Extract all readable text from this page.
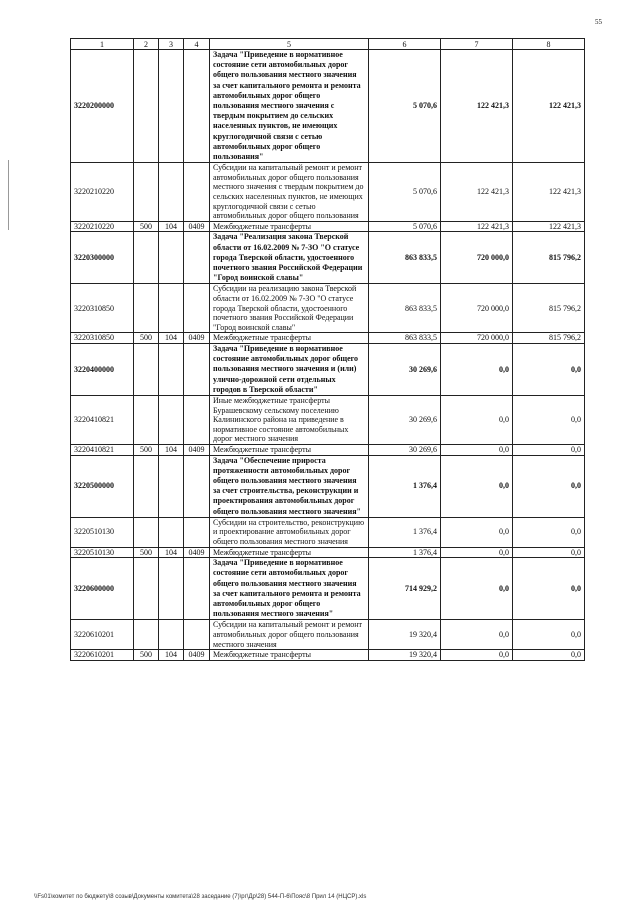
55
1	2	3	4	5	6	7	8
3220200000				Задача "Приведение в нормативное состояние сети автомобильных дорог общего пользования местного значения за счет капитального ремонта и ремонта автомобильных дорог общего пользования местного значения с твердым покрытием до сельских населенных пунктов, не имеющих круглогодичной связи с сетью автомобильных дорог общего пользования"	5 070,6	122 421,3	122 421,3
3220210220				Субсидии на капитальный ремонт и ремонт автомобильных дорог общего пользования местного значения с твердым покрытием до сельских населенных пунктов, не имеющих круглогодичной связи с сетью автомобильных дорог общего пользования	5 070,6	122 421,3	122 421,3
3220210220	500	104	0409	Межбюджетные трансферты	5 070,6	122 421,3	122 421,3
3220300000				Задача "Реализация закона Тверской области от 16.02.2009 № 7-ЗО "О статусе города Тверской области, удостоенного почетного звания Российской Федерации "Город воинской славы"	863 833,5	720 000,0	815 796,2
3220310850				Субсидии на реализацию закона Тверской области от 16.02.2009 № 7-ЗО "О статусе города Тверской области, удостоенного почетного звания Российской Федерации "Город воинской славы"	863 833,5	720 000,0	815 796,2
3220310850	500	104	0409	Межбюджетные трансферты	863 833,5	720 000,0	815 796,2
3220400000				Задача "Приведение в нормативное состояние автомобильных дорог общего пользования местного значения и (или) улично-дорожной сети отдельных городов в Тверской области"	30 269,6	0,0	0,0
3220410821				Иные межбюджетные трансферты Бурашевскому сельскому поселению Калининского района на приведение в нормативное состояние автомобильных дорог местного значения	30 269,6	0,0	0,0
3220410821	500	104	0409	Межбюджетные трансферты	30 269,6	0,0	0,0
3220500000				Задача "Обеспечение прироста протяженности автомобильных дорог общего пользования местного значения за счет строительства, реконструкции и проектирования автомобильных дорог общего пользования местного значения"	1 376,4	0,0	0,0
3220510130				Субсидии на строительство, реконструкцию и проектирование автомобильных дорог общего пользования местного значения	1 376,4	0,0	0,0
3220510130	500	104	0409	Межбюджетные трансферты	1 376,4	0,0	0,0
3220600000				Задача "Приведение в нормативное состояние сети автомобильных дорог общего пользования местного значения за счет капитального ремонта и ремонта автомобильных дорог общего пользования местного значения"	714 929,2	0,0	0,0
3220610201				Субсидии на капитальный ремонт и ремонт автомобильных дорог общего пользования местного значения	19 320,4	0,0	0,0
3220610201	500	104	0409	Межбюджетные трансферты	19 320,4	0,0	0,0
\\Fs01\комитет по бюджету\8 созыв\Документы комитета\28 заседание (7)\рг\Др\28) 544-П-6\Пояс\8 Прил 14 (НЦСР).xls
